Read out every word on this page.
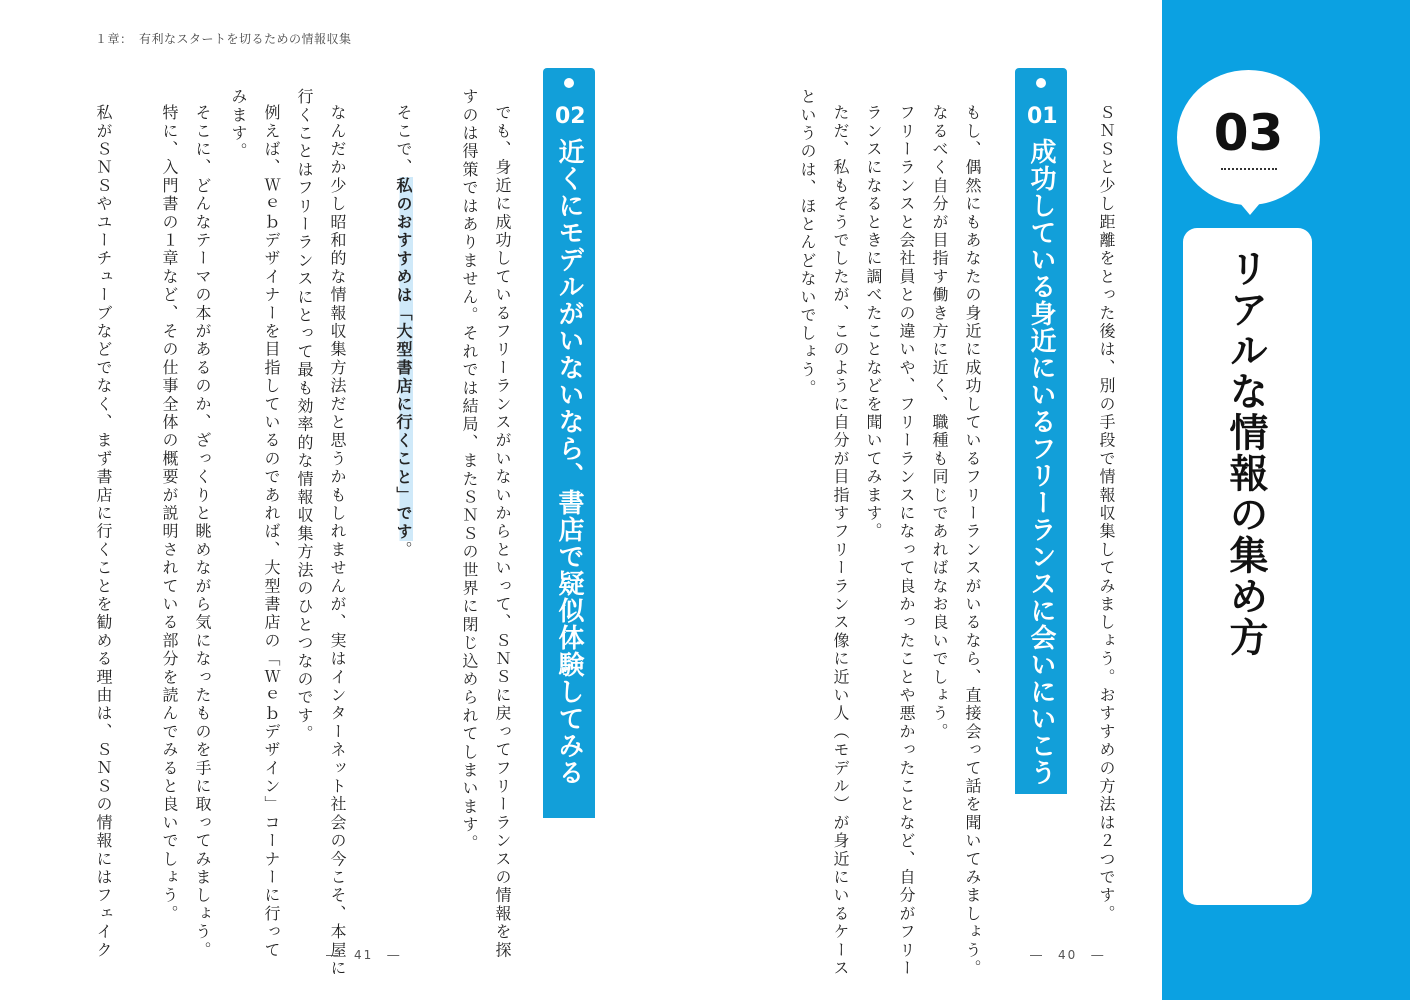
１章：　有利なスタートを切るための情報収集
―　41　―	―　40　―
03
リアルな情報の集め方
ＳＮＳと少し距離をとった後は、別の手段で情報収集してみましょう。おすすめの方法は２つです。
01
成功している身近にいるフリーランスに会いにいこう
もし、偶然にもあなたの身近に成功しているフリーランスがいるなら、直接会って話を聞いてみましょう。
なるべく自分が目指す働き方に近く、職種も同じであればなお良いでしょう。
フリーランスと会社員との違いや、フリーランスになって良かったことや悪かったことなど、自分がフリー
ランスになるときに調べたことなどを聞いてみます。
ただ、私もそうでしたが、このように自分が目指すフリーランス像に近い人（モデル）が身近にいるケース
というのは、ほとんどないでしょう。
02
近くにモデルがいないなら、書店で疑似体験してみる
でも、身近に成功しているフリーランスがいないからといって、ＳＮＳに戻ってフリーランスの情報を探
すのは得策ではありません。それでは結局、またＳＮＳの世界に閉じ込められてしまいます。
そこで、私のおすすめは「大型書店に行くこと」です。
なんだか少し昭和的な情報収集方法だと思うかもしれませんが、実はインターネット社会の今こそ、本屋に
行くことはフリーランスにとって最も効率的な情報収集方法のひとつなのです。
例えば、Ｗｅｂデザイナーを目指しているのであれば、大型書店の「Ｗｅｂデザイン」コーナーに行って
みます。
そこに、どんなテーマの本があるのか、ざっくりと眺めながら気になったものを手に取ってみましょう。
特に、入門書の１章など、その仕事全体の概要が説明されている部分を読んでみると良いでしょう。
私がＳＮＳやユーチューブなどでなく、まず書店に行くことを勧める理由は、ＳＮＳの情報にはフェイク
